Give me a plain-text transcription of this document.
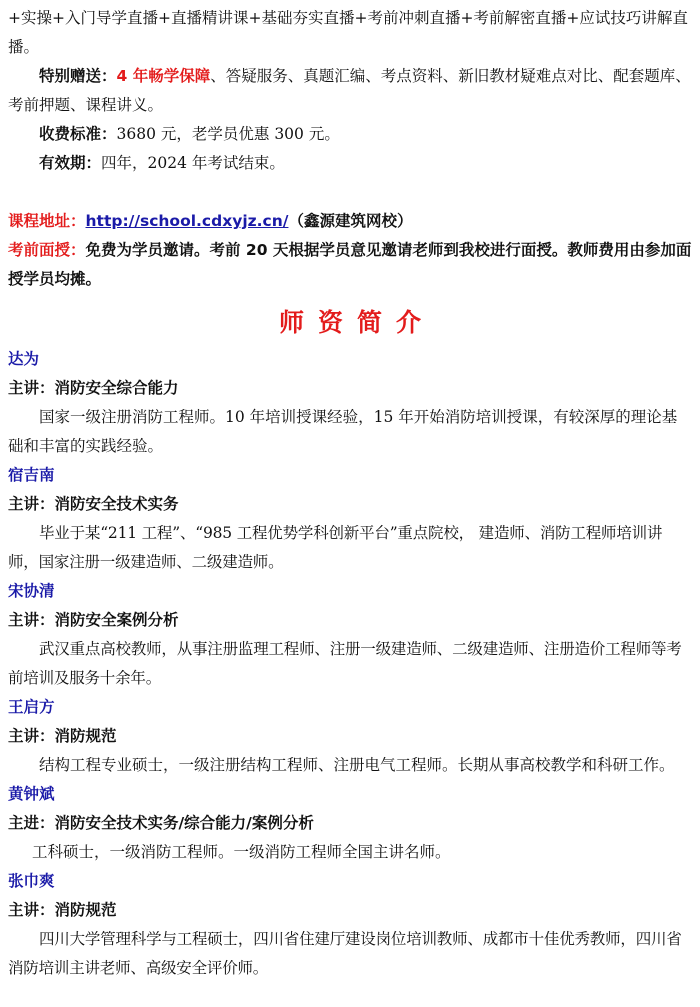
+实操+入门导学直播+直播精讲课+基础夯实直播+考前冲刺直播+考前解密直播+应试技巧讲解直播。

特别赠送：4 年畅学保障、答疑服务、真题汇编、考点资料、新旧教材疑难点对比、配套题库、考前押题、课程讲义。

收费标准：3680 元，老学员优惠 300 元。

有效期：四年，2024 年考试结束。

课程地址：http://school.cdxyjz.cn/（鑫源建筑网校）

考前面授：免费为学员邀请。考前 20 天根据学员意见邀请老师到我校进行面授。教师费用由参加面授学员均摊。

师资简介

达为

主讲：消防安全综合能力

国家一级注册消防工程师。10 年培训授课经验，15 年开始消防培训授课，有较深厚的理论基础和丰富的实践经验。

宿吉南

主讲：消防安全技术实务

毕业于某“211 工程”、“985 工程优势学科创新平台”重点院校， 建造师、消防工程师培训讲师，国家注册一级建造师、二级建造师。

宋协清

主讲：消防安全案例分析

武汉重点高校教师，从事注册监理工程师、注册一级建造师、二级建造师、注册造价工程师等考前培训及服务十余年。

王启方

主讲：消防规范

结构工程专业硕士，一级注册结构工程师、注册电气工程师。长期从事高校教学和科研工作。

黄钟斌

主进：消防安全技术实务/综合能力/案例分析

工科硕士，一级消防工程师。一级消防工程师全国主讲名师。

张巾爽

主讲：消防规范

四川大学管理科学与工程硕士，四川省住建厅建设岗位培训教师、成都市十佳优秀教师，四川省消防培训主讲老师、高级安全评价师。
